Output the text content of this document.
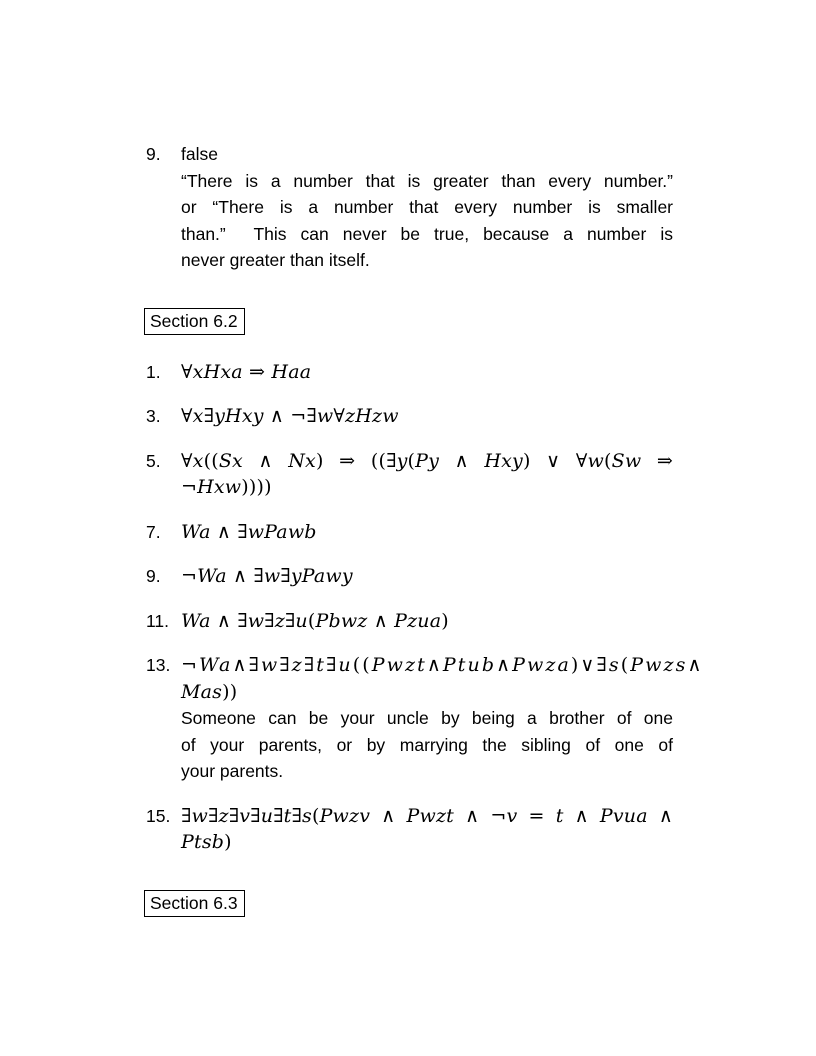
9.	false
“There is a number that is greater than every number.”
or “There is a number that every number is smaller
than.”  This can never be true, because a number is
never greater than itself.
Section 6.2
1.	∀xHxa ⇒ Haa
3.	∀x∃yHxy ∧ ¬∃w∀zHzw
5.	∀x((Sx ∧ Nx) ⇒ ((∃y(Py ∧ Hxy) ∨ ∀w(Sw ⇒
¬Hxw))))
7.	Wa ∧ ∃wPawb
9.	¬Wa ∧ ∃w∃yPawy
11. Wa ∧ ∃w∃z∃u(Pbwz ∧ Pzua)
13. ¬Wa∧∃w∃z∃t∃u((Pwzt∧Ptub∧Pwza)∨∃s(Pwzs∧
Mas))
Someone can be your uncle by being a brother of one
of your parents, or by marrying the sibling of one of
your parents.
15. ∃w∃z∃v∃u∃t∃s(Pwzv ∧ Pwzt ∧ ¬v = t ∧ Pvua ∧
Ptsb)
Section 6.3
